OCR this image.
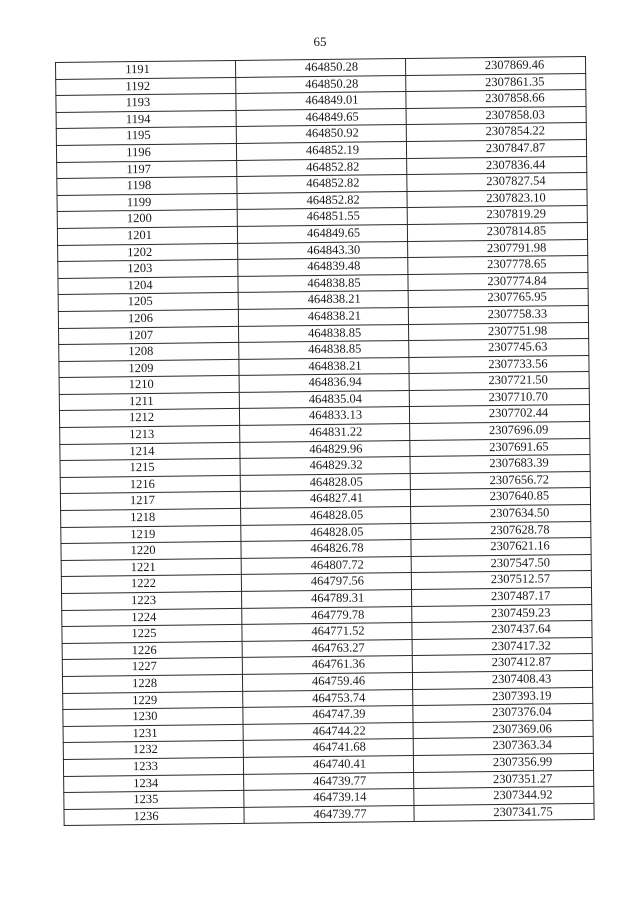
65
1191	464850.28	2307869.46
1192	464850.28	2307861.35
1193	464849.01	2307858.66
1194	464849.65	2307858.03
1195	464850.92	2307854.22
1196	464852.19	2307847.87
1197	464852.82	2307836.44
1198	464852.82	2307827.54
1199	464852.82	2307823.10
1200	464851.55	2307819.29
1201	464849.65	2307814.85
1202	464843.30	2307791.98
1203	464839.48	2307778.65
1204	464838.85	2307774.84
1205	464838.21	2307765.95
1206	464838.21	2307758.33
1207	464838.85	2307751.98
1208	464838.85	2307745.63
1209	464838.21	2307733.56
1210	464836.94	2307721.50
1211	464835.04	2307710.70
1212	464833.13	2307702.44
1213	464831.22	2307696.09
1214	464829.96	2307691.65
1215	464829.32	2307683.39
1216	464828.05	2307656.72
1217	464827.41	2307640.85
1218	464828.05	2307634.50
1219	464828.05	2307628.78
1220	464826.78	2307621.16
1221	464807.72	2307547.50
1222	464797.56	2307512.57
1223	464789.31	2307487.17
1224	464779.78	2307459.23
1225	464771.52	2307437.64
1226	464763.27	2307417.32
1227	464761.36	2307412.87
1228	464759.46	2307408.43
1229	464753.74	2307393.19
1230	464747.39	2307376.04
1231	464744.22	2307369.06
1232	464741.68	2307363.34
1233	464740.41	2307356.99
1234	464739.77	2307351.27
1235	464739.14	2307344.92
1236	464739.77	2307341.75
